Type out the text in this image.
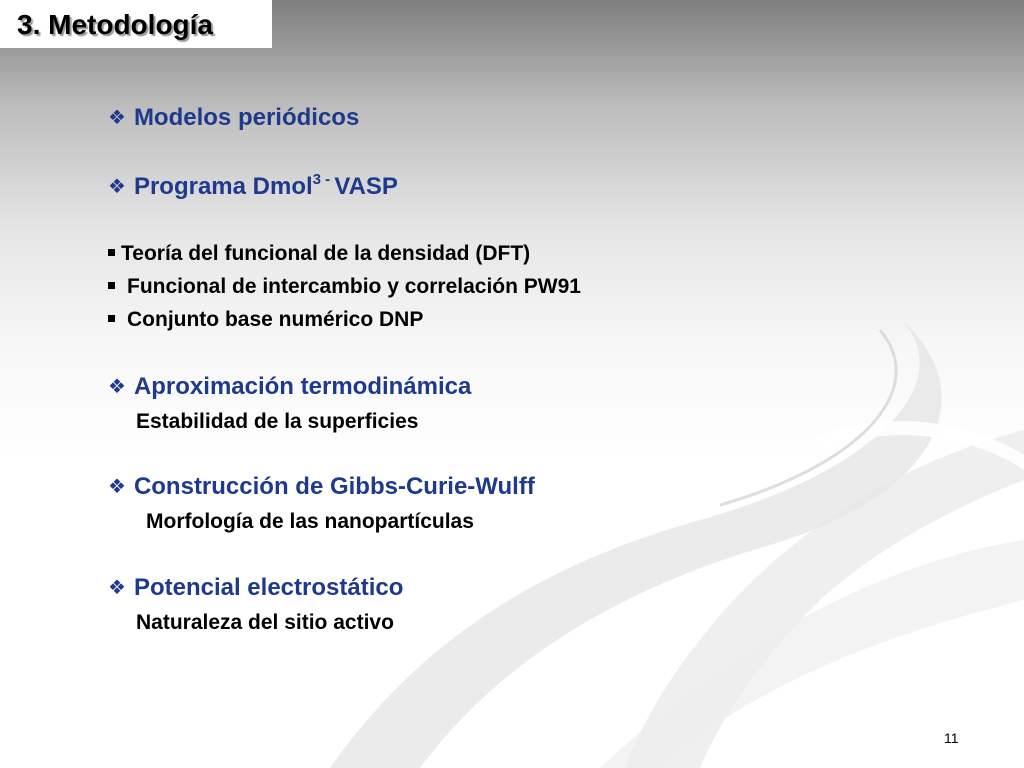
3. Metodología
❖ Modelos periódicos
❖ Programa Dmol$^3$ - VASP
Teoría del funcional de la densidad (DFT)
Funcional de intercambio y correlación PW91
Conjunto base numérico DNP
❖ Aproximación termodinámica
Estabilidad de la superficies
❖ Construcción de Gibbs-Curie-Wulff
Morfología de las nanopartículas
❖ Potencial electrostático
Naturaleza del sitio activo
11
